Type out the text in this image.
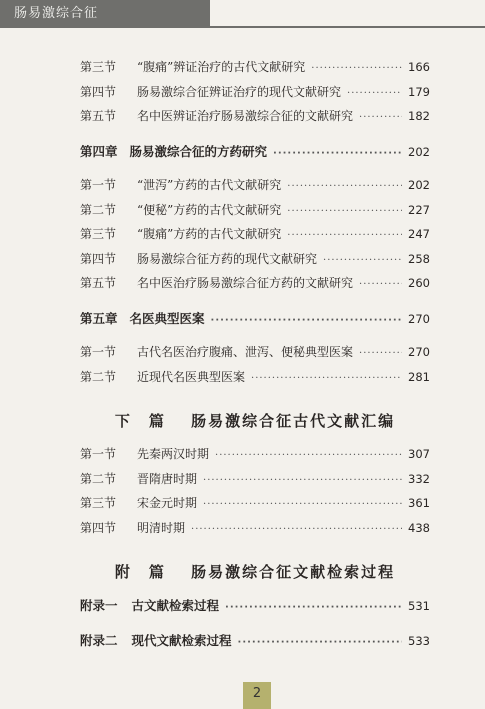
肠易激综合征
第三节	“腹痛”辨证治疗的古代文献研究 ·····	166
第四节	肠易激综合征辨证治疗的现代文献研究 ·····	179
第五节	名中医辨证治疗肠易激综合征的文献研究 ·····	182
第四章 肠易激综合征的方药研究 ·····	202
第一节	“泄泻”方药的古代文献研究 ·····	202
第二节	“便秘”方药的古代文献研究 ·····	227
第三节	“腹痛”方药的古代文献研究 ·····	247
第四节	肠易激综合征方药的现代文献研究 ·····	258
第五节	名中医治疗肠易激综合征方药的文献研究 ·····	260
第五章 名医典型医案 ·····	270
第一节	古代名医治疗腹痛、泄泻、便秘典型医案 ·····	270
第二节	近现代名医典型医案 ·····	281
下　篇 肠易激综合征古代文献汇编
第一节	先秦两汉时期 ·····	307
第二节	晋隋唐时期 ·····	332
第三节	宋金元时期 ·····	361
第四节	明清时期 ·····	438
附　篇 肠易激综合征文献检索过程
附录一 古文献检索过程 ·····	531
附录二 现代文献检索过程 ·····	533
2
